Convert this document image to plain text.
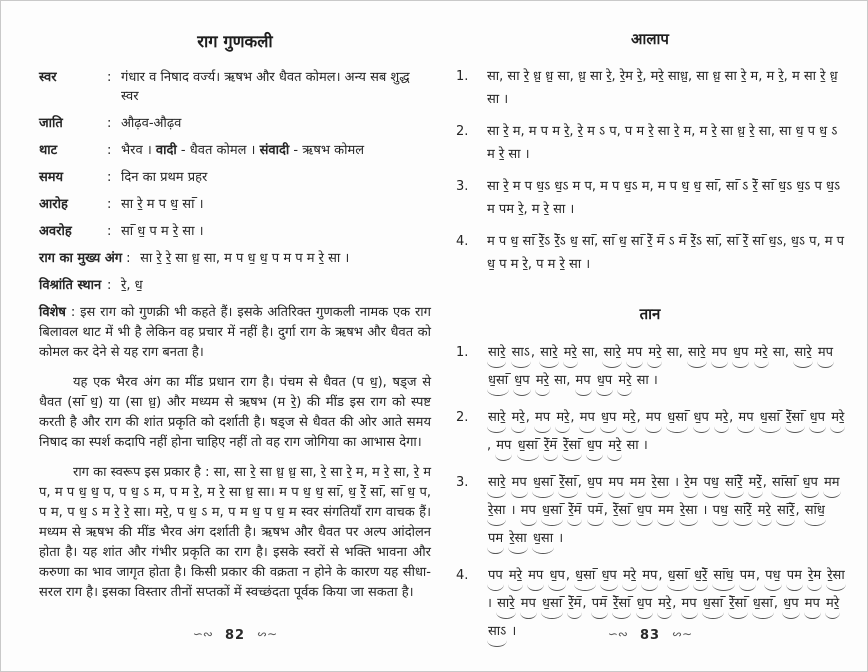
राग गुणकली
स्वर	: गंधार व निषाद वर्ज्य। ऋषभ और धैवत कोमल। अन्य सब शुद्ध स्वर
जाति	: औढ़व-औढ़व
थाट	: भैरव । वादी - धैवत कोमल । संवादी - ऋषभ कोमल
समय	: दिन का प्रथम प्रहर
आरोह	: सा रे॒ म प ध॒ सा̅ ।
अवरोह	: सा̅ ध॒ प म रे॒ सा ।
राग का मुख्य अंग : सा रे॒ रे॒ सा ध़॒ सा, म प ध॒ ध॒ प म प म रे॒ सा ।
विश्रांति स्थान : रे॒, ध॒

विशेष : इस राग को गुणक्री भी कहते हैं। इसके अतिरिक्त गुणकली नामक एक राग बिलावल थाट में भी है लेकिन वह प्रचार में नहीं है। दुर्गा राग के ऋषभ और धैवत को कोमल कर देने से यह राग बनता है।

यह एक भैरव अंग का मींड प्रधान राग है। पंचम से धैवत (प ध॒), षड्ज से धैवत (सा̅ ध॒) या (सा ध़॒) और मध्यम से ऋषभ (म रे॒) की मींड इस राग को स्पष्ट करती है और राग की शांत प्रकृति को दर्शाती है। षड्ज से धैवत की ओर आते समय निषाद का स्पर्श कदापि नहीं होना चाहिए नहीं तो वह राग जोगिया का आभास देगा।

राग का स्वरूप इस प्रकार है : सा, सा रे॒ सा ध़॒ ध़॒ सा, रे॒ सा रे॒ म, म रे॒ सा, रे॒ म प, म प ध॒ ध॒ प, प ध॒ ऽ म, प म रे॒, म रे॒ सा ध़॒ सा। म प ध॒ ध॒ सा̅, ध॒ रे॒̅ सा̅, सा̅ ध॒ प, प म, प ध॒ ऽ म रे॒ रे॒ सा। मरे॒, प ध॒ ऽ म, प म ध॒ प ध॒ म स्वर संगतियाँ राग वाचक हैं। मध्यम से ऋषभ की मींड भैरव अंग दर्शाती है। ऋषभ और धैवत पर अल्प आंदोलन होता है। यह शांत और गंभीर प्रकृति का राग है। इसके स्वरों से भक्ति भावना और करुणा का भाव जागृत होता है। किसी प्रकार की वक्रता न होने के कारण यह सीधा-सरल राग है। इसका विस्तार तीनों सप्तकों में स्वच्छंदता पूर्वक किया जा सकता है।

आलाप
1. सा, सा रे॒ ध़॒ ध़॒ सा, ध़॒ सा रे॒, रे॒म रे॒, मरे॒ साध़॒, सा ध़॒ सा रे॒ म, म रे॒, म सा रे॒ ध़॒ सा ।
2. सा रे॒ म, म प म रे॒, रे॒ म ऽ प, प म रे॒ सा रे॒ म, म रे॒ सा ध़॒ रे॒ सा, सा ध॒ प ध॒ ऽ म रे॒ सा ।
3. सा रे॒ म प ध॒ऽ ध॒ऽ म प, म प ध॒ऽ म, म प ध॒ ध॒ सा̅, सा̅ ऽ रे॒̅ सा̅ ध॒ऽ ध॒ऽ प ध॒ऽ म पम रे॒, म रे॒ सा ।
4. म प ध॒ सा̅ रे॒̅ऽ रे॒̅ऽ ध॒ सा̅, सा̅ ध॒ सा̅ रे॒̅ म̅ ऽ म̅ रे॒̅ऽ सा̅, सा̅ रे॒̅ सा̅ ध॒ऽ, ध॒ऽ प, म प ध॒ प म रे॒, प म रे॒ सा ।
तान
1. सारे॒ साऽ, सारे॒ मरे॒ सा, सारे॒ मप मरे॒ सा, सारे॒ मप ध॒प मरे॒ सा, सारे॒ मप ध॒सा̅ ध॒प मरे॒ सा, मप ध॒प मरे॒ सा ।
2. सारे॒ मरे॒, मप मरे॒, मप ध॒प मरे॒, मप ध॒सा̅ ध॒प मरे॒, मप ध॒सा̅ रे॒̅सा̅ ध॒प मरे॒, मप ध॒सा̅ रे॒̅म̅ रे॒̅सा̅ ध॒प मरे॒ सा ।
3. सारे॒ मप ध॒सा̅ रे॒̅सा̅, ध॒प मप मम रे॒सा । रे॒म पध॒ सा̅रे॒̅ मरे॒̅, सा̅सा̅ ध॒प मम रे॒सा । मप ध॒सा̅ रे॒̅म̅ पम̅, रे॒̅सा̅ ध॒प मम रे॒सा । पध॒ सा̅रे॒̅ मरे॒ सा̅रे॒̅, सा̅ध॒ पम रे॒सा ध॒सा ।
4. पप मरे॒ मप ध॒प, ध॒सा̅ ध॒प मरे॒ मप, ध॒सा̅ ध॒रे॒̅ सा̅ध॒ पम, पध॒ पम रे॒म रे॒सा । सारे॒ मप ध॒सा̅ रे॒̅म̅, पम̅ रे॒̅सा̅ ध॒प मरे॒, मप ध॒सा̅ रे॒̅सा̅ ध॒सा̅, ध॒प मप मरे॒ साऽ ।
∽∾ 82 ∽∾	∽∾ 83 ∽∾
